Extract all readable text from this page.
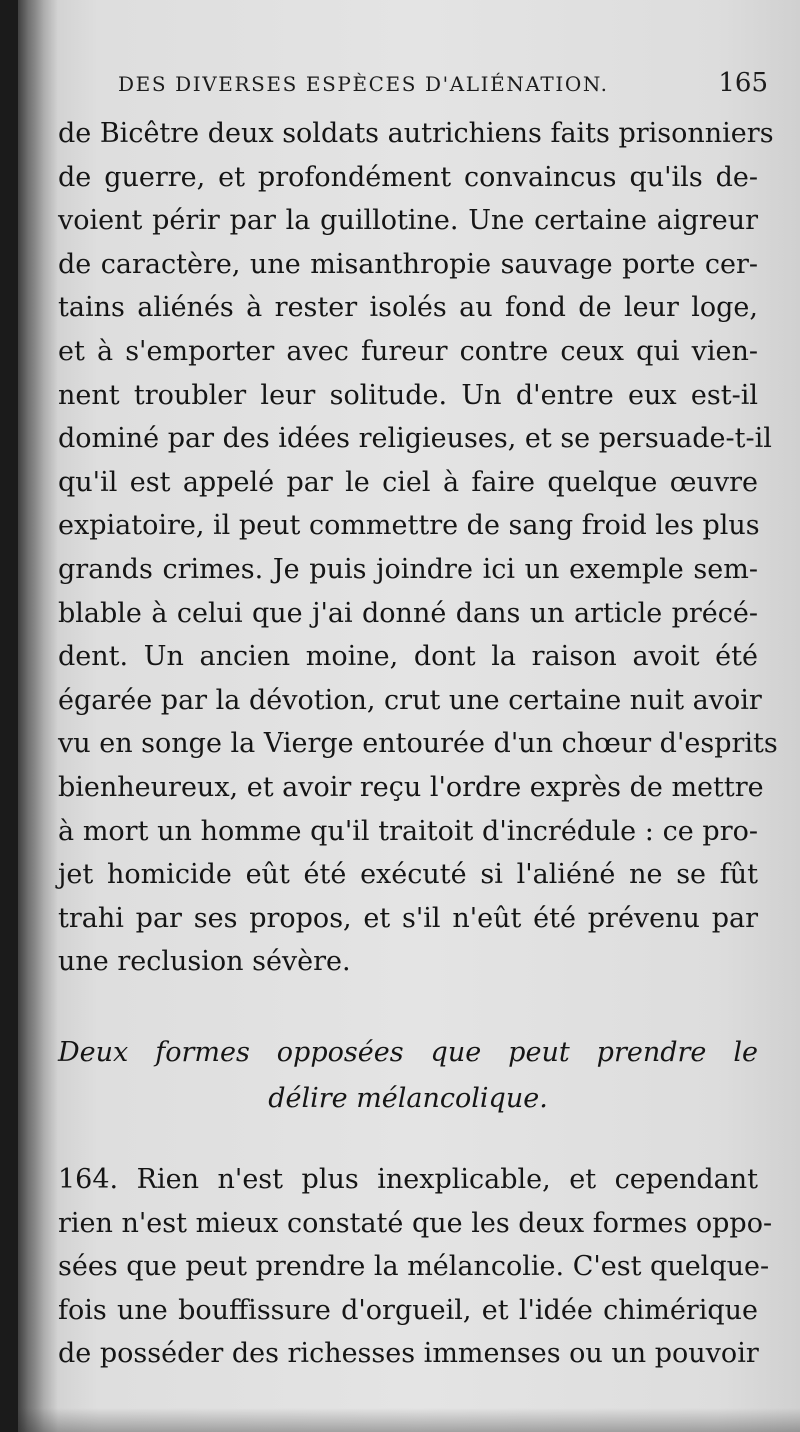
DES DIVERSES ESPÈCES D'ALIÉNATION.	165
de Bicêtre deux soldats autrichiens faits prisonniers
de guerre, et profondément convaincus qu'ils de-
voient périr par la guillotine. Une certaine aigreur
de caractère, une misanthropie sauvage porte cer-
tains aliénés à rester isolés au fond de leur loge,
et à s'emporter avec fureur contre ceux qui vien-
nent troubler leur solitude. Un d'entre eux est-il
dominé par des idées religieuses, et se persuade-t-il
qu'il est appelé par le ciel à faire quelque œuvre
expiatoire, il peut commettre de sang froid les plus
grands crimes. Je puis joindre ici un exemple sem-
blable à celui que j'ai donné dans un article précé-
dent. Un ancien moine, dont la raison avoit été
égarée par la dévotion, crut une certaine nuit avoir
vu en songe la Vierge entourée d'un chœur d'esprits
bienheureux, et avoir reçu l'ordre exprès de mettre
à mort un homme qu'il traitoit d'incrédule : ce pro-
jet homicide eût été exécuté si l'aliéné ne se fût
trahi par ses propos, et s'il n'eût été prévenu par
une reclusion sévère.
Deux formes opposées que peut prendre le
délire mélancolique.
164. Rien n'est plus inexplicable, et cependant
rien n'est mieux constaté que les deux formes oppo-
sées que peut prendre la mélancolie. C'est quelque-
fois une bouffissure d'orgueil, et l'idée chimérique
de posséder des richesses immenses ou un pouvoir
